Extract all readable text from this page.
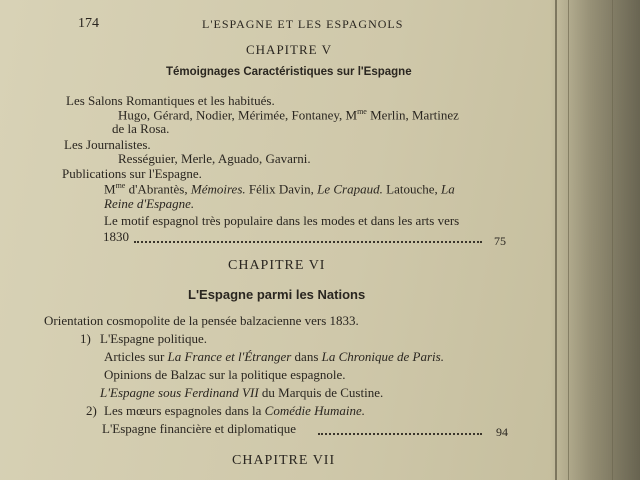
174	L'ESPAGNE ET LES ESPAGNOLS
CHAPITRE V
Témoignages Caractéristiques sur l'Espagne
Les Salons Romantiques et les habitués.
Hugo, Gérard, Nodier, Mérimée, Fontaney, $M^{me}$ Merlin, Martinez
de la Rosa.
Les Journalistes.
Rességuier, Merle, Aguado, Gavarni.
Publications sur l'Espagne.
$M^{me}$ d'Abrantès, Mémoires. Félix Davin, Le Crapaud. Latouche, La
Reine d'Espagne.
Le motif espagnol très populaire dans les modes et dans les arts vers
1830	75
CHAPITRE VI
L'Espagne parmi les Nations
Orientation cosmopolite de la pensée balzacienne vers 1833.
1) L'Espagne politique.
Articles sur La France et l'Étranger dans La Chronique de Paris.
Opinions de Balzac sur la politique espagnole.
L'Espagne sous Ferdinand VII du Marquis de Custine.
2) Les mœurs espagnoles dans la Comédie Humaine.
L'Espagne financière et diplomatique	94
CHAPITRE VII
